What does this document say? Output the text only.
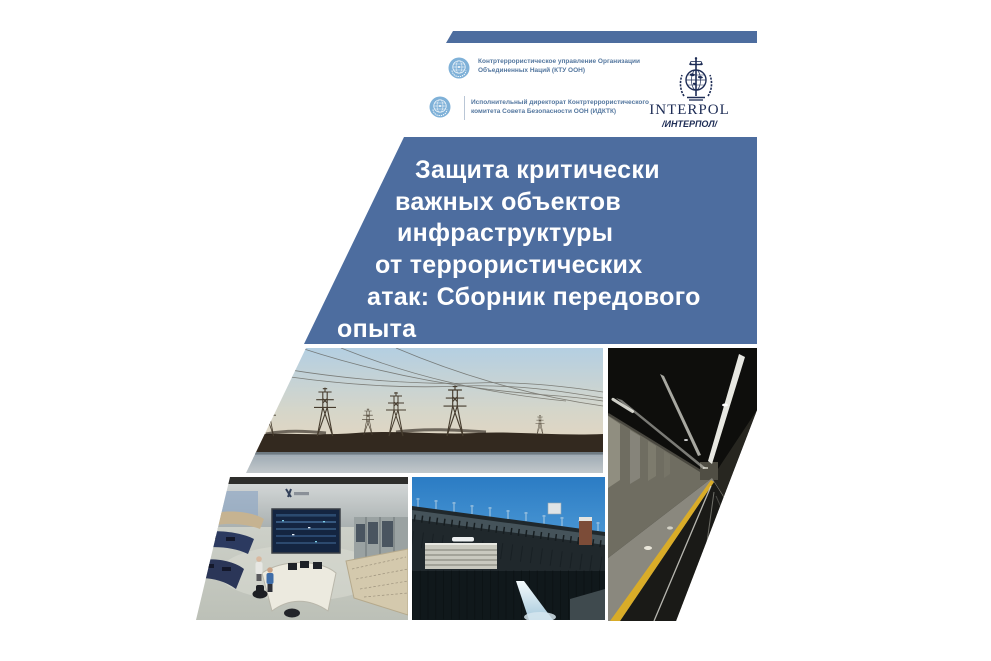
Контртеррористическое управление Организации
Объединенных Наций (КТУ ООН)
Исполнительный директорат Контртеррористического
комитета Совета Безопасности ООН (ИДКТК)	INTERPOL
/ИНТЕРПОЛ/
Защита критически
важных объектов
инфраструктуры
от террористических
атак: Сборник передового
опыта
